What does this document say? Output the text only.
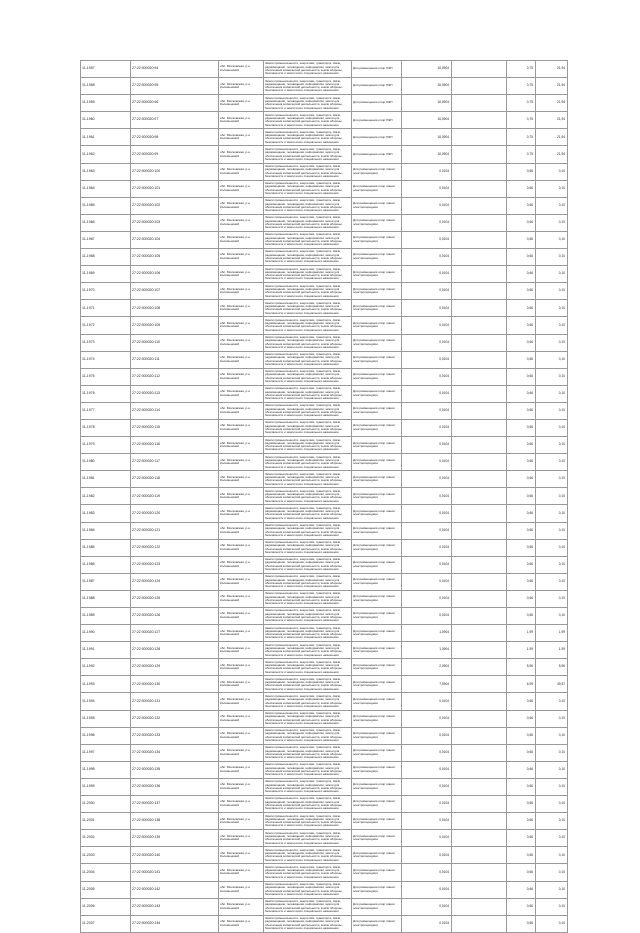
11-1957	27:22:000020:94	обл. Московская, р-н Коломенский	Земли промышленности, энергетики, транспорта, связи, радиовещания, телевидения, информатики, земли для обеспечения космической деятельности, земли обороны, безопасности и земли иного специального назначения	Для размещения опор ЛЭП	16,0904		0,75	21,94
11-1958	27:22:000020:95	обл. Московская, р-н Коломенский	Земли промышленности, энергетики, транспорта, связи, радиовещания, телевидения, информатики, земли для обеспечения космической деятельности, земли обороны, безопасности и земли иного специального назначения	Для размещения опор ЛЭП	16,0904		0,75	21,94
11-1959	27:22:000020:96	обл. Московская, р-н Коломенский	Земли промышленности, энергетики, транспорта, связи, радиовещания, телевидения, информатики, земли для обеспечения космической деятельности, земли обороны, безопасности и земли иного специального назначения	Для размещения опор ЛЭП	16,0904		0,75	21,94
11-1960	27:22:000020:97	обл. Московская, р-н Коломенский	Земли промышленности, энергетики, транспорта, связи, радиовещания, телевидения, информатики, земли для обеспечения космической деятельности, земли обороны, безопасности и земли иного специального назначения	Для размещения опор ЛЭП	16,0904		0,75	21,94
11-1961	27:22:000020:98	обл. Московская, р-н Коломенский	Земли промышленности, энергетики, транспорта, связи, радиовещания, телевидения, информатики, земли для обеспечения космической деятельности, земли обороны, безопасности и земли иного специального назначения	Для размещения опор ЛЭП	16,0904		0,75	21,94
11-1962	27:22:000020:99	обл. Московская, р-н Коломенский	Земли промышленности, энергетики, транспорта, связи, радиовещания, телевидения, информатики, земли для обеспечения космической деятельности, земли обороны, безопасности и земли иного специального назначения	Для размещения опор ЛЭП	16,0904		0,75	21,94
11-1963	27:22:000020:100	обл. Московская, р-н Коломенский	Земли промышленности, энергетики, транспорта, связи, радиовещания, телевидения, информатики, земли для обеспечения космической деятельности, земли обороны, безопасности и земли иного специального назначения	Для размещения опор линии электропередачи	0,0104		0,66	0,10
11-1964	27:22:000020:101	обл. Московская, р-н Коломенский	Земли промышленности, энергетики, транспорта, связи, радиовещания, телевидения, информатики, земли для обеспечения космической деятельности, земли обороны, безопасности и земли иного специального назначения	Для размещения опор линии электропередачи	0,0104		0,66	0,10
11-1965	27:22:000020:102	обл. Московская, р-н Коломенский	Земли промышленности, энергетики, транспорта, связи, радиовещания, телевидения, информатики, земли для обеспечения космической деятельности, земли обороны, безопасности и земли иного специального назначения	Для размещения опор линии электропередачи	0,0104		0,66	0,10
11-1966	27:22:000020:103	обл. Московская, р-н Коломенский	Земли промышленности, энергетики, транспорта, связи, радиовещания, телевидения, информатики, земли для обеспечения космической деятельности, земли обороны, безопасности и земли иного специального назначения	Для размещения опор линии электропередачи	0,0104		0,66	0,10
11-1967	27:22:000020:104	обл. Московская, р-н Коломенский	Земли промышленности, энергетики, транспорта, связи, радиовещания, телевидения, информатики, земли для обеспечения космической деятельности, земли обороны, безопасности и земли иного специального назначения	Для размещения опор линии электропередачи	0,0104		0,66	0,10
11-1968	27:22:000020:105	обл. Московская, р-н Коломенский	Земли промышленности, энергетики, транспорта, связи, радиовещания, телевидения, информатики, земли для обеспечения космической деятельности, земли обороны, безопасности и земли иного специального назначения	Для размещения опор линии электропередачи	0,0104		0,66	0,10
11-1969	27:22:000020:106	обл. Московская, р-н Коломенский	Земли промышленности, энергетики, транспорта, связи, радиовещания, телевидения, информатики, земли для обеспечения космической деятельности, земли обороны, безопасности и земли иного специального назначения	Для размещения опор линии электропередачи	0,0104		0,66	0,10
11-1970	27:22:000020:107	обл. Московская, р-н Коломенский	Земли промышленности, энергетики, транспорта, связи, радиовещания, телевидения, информатики, земли для обеспечения космической деятельности, земли обороны, безопасности и земли иного специального назначения	Для размещения опор линии электропередачи	0,0104		0,66	0,10
11-1971	27:22:000020:108	обл. Московская, р-н Коломенский	Земли промышленности, энергетики, транспорта, связи, радиовещания, телевидения, информатики, земли для обеспечения космической деятельности, земли обороны, безопасности и земли иного специального назначения	Для размещения опор линии электропередачи	0,0104		0,66	0,10
11-1972	27:22:000020:109	обл. Московская, р-н Коломенский	Земли промышленности, энергетики, транспорта, связи, радиовещания, телевидения, информатики, земли для обеспечения космической деятельности, земли обороны, безопасности и земли иного специального назначения	Для размещения опор линии электропередачи	0,0104		0,66	0,10
11-1973	27:22:000020:110	обл. Московская, р-н Коломенский	Земли промышленности, энергетики, транспорта, связи, радиовещания, телевидения, информатики, земли для обеспечения космической деятельности, земли обороны, безопасности и земли иного специального назначения	Для размещения опор линии электропередачи	0,0104		0,66	0,10
11-1974	27:22:000020:111	обл. Московская, р-н Коломенский	Земли промышленности, энергетики, транспорта, связи, радиовещания, телевидения, информатики, земли для обеспечения космической деятельности, земли обороны, безопасности и земли иного специального назначения	Для размещения опор линии электропередачи	0,0104		0,66	0,10
11-1975	27:22:000020:112	обл. Московская, р-н Коломенский	Земли промышленности, энергетики, транспорта, связи, радиовещания, телевидения, информатики, земли для обеспечения космической деятельности, земли обороны, безопасности и земли иного специального назначения	Для размещения опор линии электропередачи	0,0104		0,66	0,10
11-1976	27:22:000020:113	обл. Московская, р-н Коломенский	Земли промышленности, энергетики, транспорта, связи, радиовещания, телевидения, информатики, земли для обеспечения космической деятельности, земли обороны, безопасности и земли иного специального назначения	Для размещения опор линии электропередачи	0,0104		0,66	0,10
11-1977	27:22:000020:114	обл. Московская, р-н Коломенский	Земли промышленности, энергетики, транспорта, связи, радиовещания, телевидения, информатики, земли для обеспечения космической деятельности, земли обороны, безопасности и земли иного специального назначения	Для размещения опор линии электропередачи	0,0104		0,66	0,10
11-1978	27:22:000020:115	обл. Московская, р-н Коломенский	Земли промышленности, энергетики, транспорта, связи, радиовещания, телевидения, информатики, земли для обеспечения космической деятельности, земли обороны, безопасности и земли иного специального назначения	Для размещения опор линии электропередачи	0,0104		0,66	0,10
11-1979	27:22:000020:116	обл. Московская, р-н Коломенский	Земли промышленности, энергетики, транспорта, связи, радиовещания, телевидения, информатики, земли для обеспечения космической деятельности, земли обороны, безопасности и земли иного специального назначения	Для размещения опор линии электропередачи	0,0104		0,66	0,10
11-1980	27:22:000020:117	обл. Московская, р-н Коломенский	Земли промышленности, энергетики, транспорта, связи, радиовещания, телевидения, информатики, земли для обеспечения космической деятельности, земли обороны, безопасности и земли иного специального назначения	Для размещения опор линии электропередачи	0,0104		0,66	0,10
11-1981	27:22:000020:118	обл. Московская, р-н Коломенский	Земли промышленности, энергетики, транспорта, связи, радиовещания, телевидения, информатики, земли для обеспечения космической деятельности, земли обороны, безопасности и земли иного специального назначения	Для размещения опор линии электропередачи	0,0104		0,66	0,10
11-1982	27:22:000020:119	обл. Московская, р-н Коломенский	Земли промышленности, энергетики, транспорта, связи, радиовещания, телевидения, информатики, земли для обеспечения космической деятельности, земли обороны, безопасности и земли иного специального назначения	Для размещения опор линии электропередачи	0,0104		0,66	0,10
11-1983	27:22:000020:120	обл. Московская, р-н Коломенский	Земли промышленности, энергетики, транспорта, связи, радиовещания, телевидения, информатики, земли для обеспечения космической деятельности, земли обороны, безопасности и земли иного специального назначения	Для размещения опор линии электропередачи	0,0104		0,66	0,10
11-1984	27:22:000020:121	обл. Московская, р-н Коломенский	Земли промышленности, энергетики, транспорта, связи, радиовещания, телевидения, информатики, земли для обеспечения космической деятельности, земли обороны, безопасности и земли иного специального назначения	Для размещения опор линии электропередачи	0,0104		0,66	0,10
11-1985	27:22:000020:122	обл. Московская, р-н Коломенский	Земли промышленности, энергетики, транспорта, связи, радиовещания, телевидения, информатики, земли для обеспечения космической деятельности, земли обороны, безопасности и земли иного специального назначения	Для размещения опор линии электропередачи	0,0104		0,66	0,10
11-1986	27:22:000020:123	обл. Московская, р-н Коломенский	Земли промышленности, энергетики, транспорта, связи, радиовещания, телевидения, информатики, земли для обеспечения космической деятельности, земли обороны, безопасности и земли иного специального назначения	Для размещения опор линии электропередачи	0,0104		0,66	0,10
11-1987	27:22:000020:124	обл. Московская, р-н Коломенский	Земли промышленности, энергетики, транспорта, связи, радиовещания, телевидения, информатики, земли для обеспечения космической деятельности, земли обороны, безопасности и земли иного специального назначения	Для размещения опор линии электропередачи	0,0104		0,66	0,10
11-1988	27:22:000020:125	обл. Московская, р-н Коломенский	Земли промышленности, энергетики, транспорта, связи, радиовещания, телевидения, информатики, земли для обеспечения космической деятельности, земли обороны, безопасности и земли иного специального назначения	Для размещения опор линии электропередачи	0,0104		0,66	0,10
11-1989	27:22:000020:126	обл. Московская, р-н Коломенский	Земли промышленности, энергетики, транспорта, связи, радиовещания, телевидения, информатики, земли для обеспечения космической деятельности, земли обороны, безопасности и земли иного специального назначения	Для размещения опор линии электропередачи	0,0104		0,66	0,10
11-1990	27:22:000020:127	обл. Московская, р-н Коломенский	Земли промышленности, энергетики, транспорта, связи, радиовещания, телевидения, информатики, земли для обеспечения космической деятельности, земли обороны, безопасности и земли иного специального назначения	Для размещения опор линии электропередачи	1,0904		1,99	1,99
11-1991	27:22:000020:128	обл. Московская, р-н Коломенский	Земли промышленности, энергетики, транспорта, связи, радиовещания, телевидения, информатики, земли для обеспечения космической деятельности, земли обороны, безопасности и земли иного специального назначения	Для размещения опор линии электропередачи	1,0904		1,99	1,99
11-1992	27:22:000020:129	обл. Московская, р-н Коломенский	Земли промышленности, энергетики, транспорта, связи, радиовещания, телевидения, информатики, земли для обеспечения космической деятельности, земли обороны, безопасности и земли иного специального назначения	Для размещения опор линии электропередачи	2,0904		5,96	5,96
11-1993	27:22:000020:130	обл. Московская, р-н Коломенский	Земли промышленности, энергетики, транспорта, связи, радиовещания, телевидения, информатики, земли для обеспечения космической деятельности, земли обороны, безопасности и земли иного специального назначения	Для размещения опор линии электропередачи	7,0904		6,99	49,57
11-1994	27:22:000020:131	обл. Московская, р-н Коломенский	Земли промышленности, энергетики, транспорта, связи, радиовещания, телевидения, информатики, земли для обеспечения космической деятельности, земли обороны, безопасности и земли иного специального назначения	Для размещения опор линии электропередачи	0,0104		0,66	0,10
11-1995	27:22:000020:132	обл. Московская, р-н Коломенский	Земли промышленности, энергетики, транспорта, связи, радиовещания, телевидения, информатики, земли для обеспечения космической деятельности, земли обороны, безопасности и земли иного специального назначения	Для размещения опор линии электропередачи	0,0104		0,66	0,10
11-1996	27:22:000020:133	обл. Московская, р-н Коломенский	Земли промышленности, энергетики, транспорта, связи, радиовещания, телевидения, информатики, земли для обеспечения космической деятельности, земли обороны, безопасности и земли иного специального назначения	Для размещения опор линии электропередачи	0,0104		0,66	0,10
11-1997	27:22:000020:134	обл. Московская, р-н Коломенский	Земли промышленности, энергетики, транспорта, связи, радиовещания, телевидения, информатики, земли для обеспечения космической деятельности, земли обороны, безопасности и земли иного специального назначения	Для размещения опор линии электропередачи	0,0104		0,66	0,10
11-1998	27:22:000020:135	обл. Московская, р-н Коломенский	Земли промышленности, энергетики, транспорта, связи, радиовещания, телевидения, информатики, земли для обеспечения космической деятельности, земли обороны, безопасности и земли иного специального назначения	Для размещения опор линии электропередачи	0,0104		0,66	0,10
11-1999	27:22:000020:136	обл. Московская, р-н Коломенский	Земли промышленности, энергетики, транспорта, связи, радиовещания, телевидения, информатики, земли для обеспечения космической деятельности, земли обороны, безопасности и земли иного специального назначения	Для размещения опор линии электропередачи	0,0104		0,66	0,10
11-2000	27:22:000020:137	обл. Московская, р-н Коломенский	Земли промышленности, энергетики, транспорта, связи, радиовещания, телевидения, информатики, земли для обеспечения космической деятельности, земли обороны, безопасности и земли иного специального назначения	Для размещения опор линии электропередачи	0,0104		0,66	0,10
11-2001	27:22:000020:138	обл. Московская, р-н Коломенский	Земли промышленности, энергетики, транспорта, связи, радиовещания, телевидения, информатики, земли для обеспечения космической деятельности, земли обороны, безопасности и земли иного специального назначения	Для размещения опор линии электропередачи	0,0104		0,66	0,10
11-2002	27:22:000020:139	обл. Московская, р-н Коломенский	Земли промышленности, энергетики, транспорта, связи, радиовещания, телевидения, информатики, земли для обеспечения космической деятельности, земли обороны, безопасности и земли иного специального назначения	Для размещения опор линии электропередачи	0,0104		0,66	0,10
11-2003	27:22:000020:140	обл. Московская, р-н Коломенский	Земли промышленности, энергетики, транспорта, связи, радиовещания, телевидения, информатики, земли для обеспечения космической деятельности, земли обороны, безопасности и земли иного специального назначения	Для размещения опор линии электропередачи	0,0104		0,66	0,10
11-2004	27:22:000020:141	обл. Московская, р-н Коломенский	Земли промышленности, энергетики, транспорта, связи, радиовещания, телевидения, информатики, земли для обеспечения космической деятельности, земли обороны, безопасности и земли иного специального назначения	Для размещения опор линии электропередачи	0,0104		0,66	0,10
11-2005	27:22:000020:142	обл. Московская, р-н Коломенский	Земли промышленности, энергетики, транспорта, связи, радиовещания, телевидения, информатики, земли для обеспечения космической деятельности, земли обороны, безопасности и земли иного специального назначения	Для размещения опор линии электропередачи	0,0104		0,66	0,10
11-2006	27:22:000020:143	обл. Московская, р-н Коломенский	Земли промышленности, энергетики, транспорта, связи, радиовещания, телевидения, информатики, земли для обеспечения космической деятельности, земли обороны, безопасности и земли иного специального назначения	Для размещения опор линии электропередачи	0,0104		0,66	0,10
11-2007	27:22:000020:144	обл. Московская, р-н Коломенский	Земли промышленности, энергетики, транспорта, связи, радиовещания, телевидения, информатики, земли для обеспечения космической деятельности, земли обороны, безопасности и земли иного специального назначения	Для размещения опор линии электропередачи	0,0104		0,66	0,10
